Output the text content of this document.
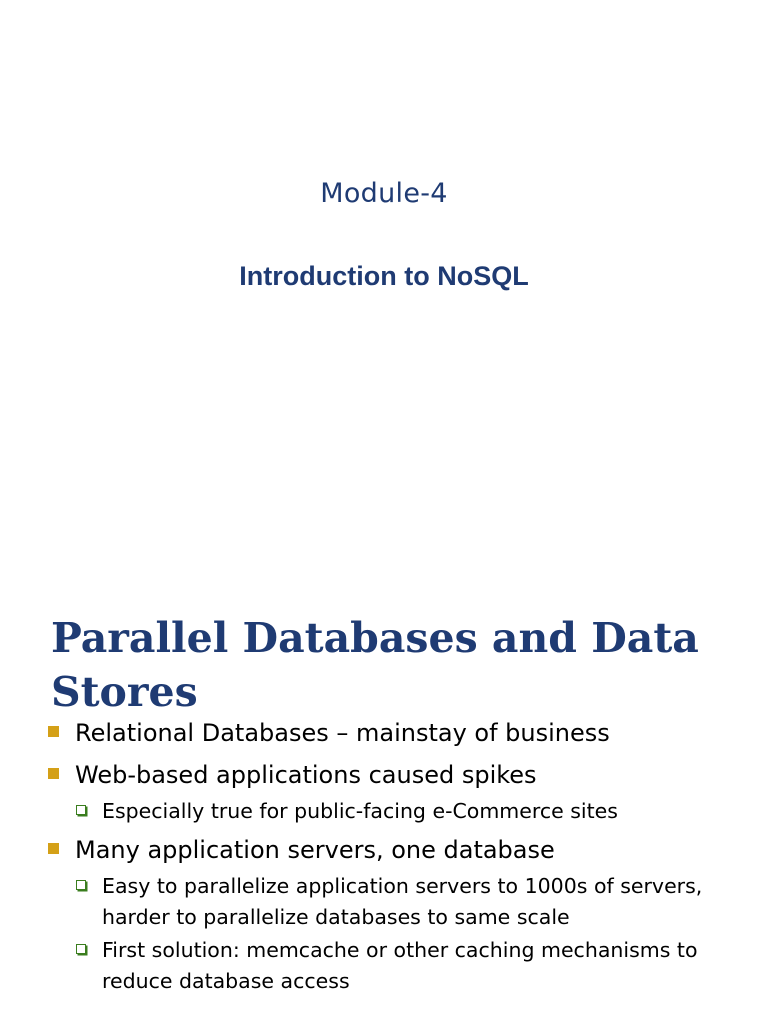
Module-4
Introduction to NoSQL
Parallel Databases and Data Stores
Relational Databases – mainstay of business
Web-based applications caused spikes
Especially true for public-facing e-Commerce sites
Many application servers, one database
Easy to parallelize application servers to 1000s of servers, harder to parallelize databases to same scale
First solution: memcache or other caching mechanisms to reduce database access
